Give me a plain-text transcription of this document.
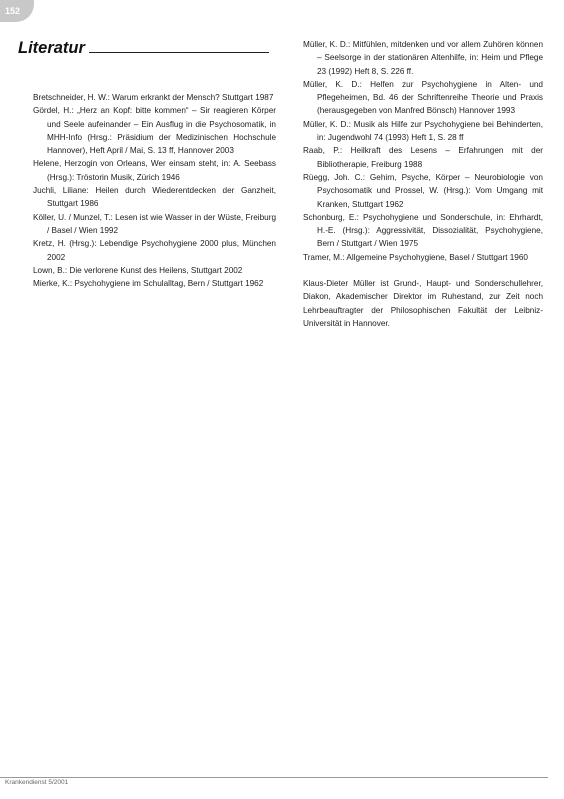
152
Literatur

Bretschneider, H. W.: Warum erkrankt der Mensch? Stuttgart 1987

Gördel, H.: „Herz an Kopf: bitte kommen“ – Sir reagieren Körper und Seele aufeinander – Ein Ausflug in die Psychosomatik, in MHH-Info (Hrsg.: Präsidium der Medizinischen Hochschule Hannover), Heft April / Mai, S. 13 ff, Hannover 2003

Helene, Herzogin von Orleans, Wer einsam steht, in: A. Seebass (Hrsg.): Tröstorin Musik, Zürich 1946

Juchli, Liliane: Heilen durch Wiederentdecken der Ganzheit, Stuttgart 1986

Köller, U. / Munzel, T.: Lesen ist wie Wasser in der Wüste, Freiburg / Basel / Wien 1992

Kretz, H. (Hrsg.): Lebendige Psychohygiene 2000 plus, München 2002

Lown, B.: Die verlorene Kunst des Heilens, Stuttgart 2002

Mierke, K.: Psychohygiene im Schulalltag, Bern / Stuttgart 1962

Müller, K. D.: Mitfühlen, mitdenken und vor allem Zuhören können – Seelsorge in der stationären Altenhilfe, in: Heim und Pflege 23 (1992) Heft 8, S. 226 ff.

Müller, K. D.: Helfen zur Psychohygiene in Alten- und Pflegeheimen, Bd. 46 der Schriftenreihe Theorie und Praxis (herausgegeben von Manfred Bönsch) Hannover 1993

Müller, K. D.: Musik als Hilfe zur Psychohygiene bei Behinderten, in: Jugendwohl 74 (1993) Heft 1, S. 28 ff

Raab, P.: Heilkraft des Lesens – Erfahrungen mit der Bibliotherapie, Freiburg 1988

Rüegg, Joh. C.: Gehirn, Psyche, Körper – Neurobiologie von Psychosomatik und Prossel, W. (Hrsg.): Vom Umgang mit Kranken, Stuttgart 1962

Schonburg, E.: Psychohygiene und Sonderschule, in: Ehrhardt, H.-E. (Hrsg.): Aggressivität, Dissozialität, Psychohygiene, Bern / Stuttgart / Wien 1975

Tramer, M.: Allgemeine Psychohygiene, Basel / Stuttgart 1960

Klaus-Dieter Müller ist Grund-, Haupt- und Sonderschullehrer, Diakon, Akademischer Direktor im Ruhestand, zur Zeit noch Lehrbeauftragter der Philosophischen Fakultät der Leibniz-Universität in Hannover.

Krankendienst 5/2001
